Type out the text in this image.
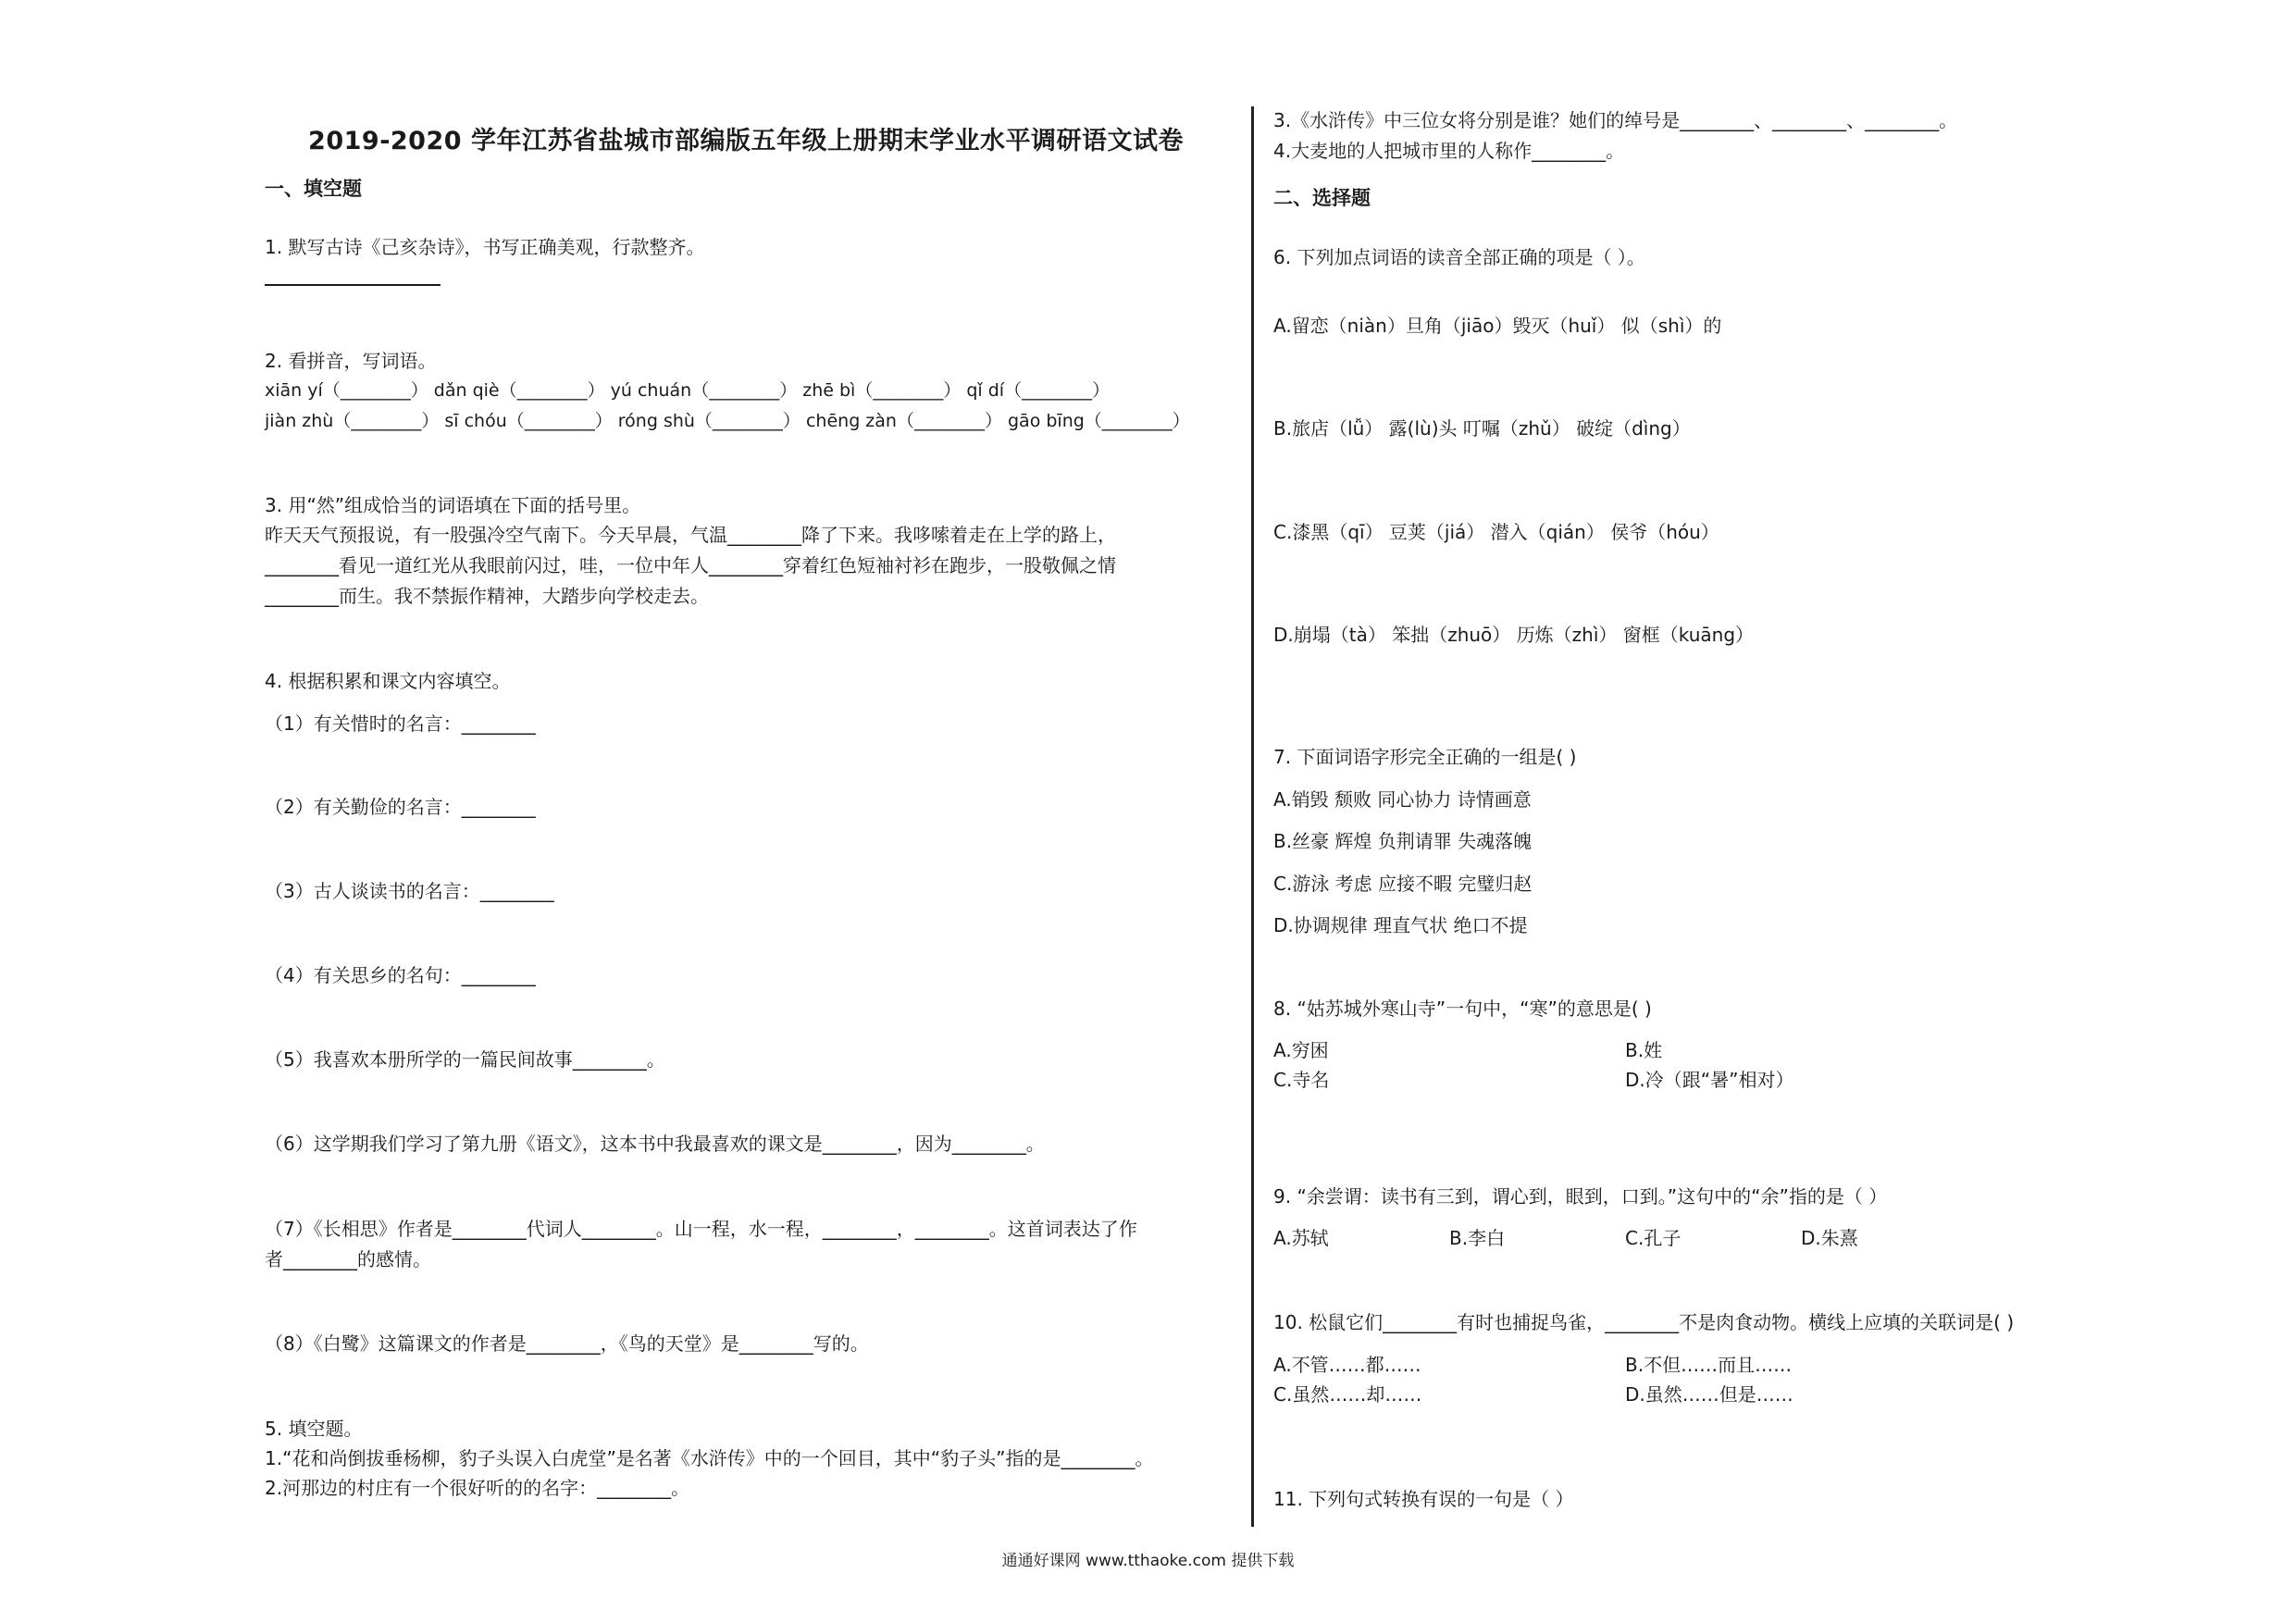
2019-2020 学年江苏省盐城市部编版五年级上册期末学业水平调研语文试卷
一、填空题
1. 默写古诗《己亥杂诗》，书写正确美观，行款整齐。
2. 看拼音，写词语。
xiān yí（________） dǎn qiè（________） yú chuán（________） zhē bì（________） qǐ dí（________）
jiàn zhù（________） sī chóu（________） róng shù（________） chēng zàn（________） gāo bīng（________）
3. 用“然”组成恰当的词语填在下面的括号里。
昨天天气预报说，有一股强冷空气南下。今天早晨，气温________降了下来。我哆嗦着走在上学的路上，
________看见一道红光从我眼前闪过，哇，一位中年人________穿着红色短袖衬衫在跑步，一股敬佩之情
________而生。我不禁振作精神，大踏步向学校走去。
4. 根据积累和课文内容填空。
（1）有关惜时的名言：________
（2）有关勤俭的名言：________
（3）古人谈读书的名言：________
（4）有关思乡的名句：________
（5）我喜欢本册所学的一篇民间故事________。
（6）这学期我们学习了第九册《语文》，这本书中我最喜欢的课文是________，因为________。
（7）《长相思》作者是________代词人________。山一程，水一程，________，________。这首词表达了作
者________的感情。
（8）《白鹭》这篇课文的作者是________，《鸟的天堂》是________写的。
5. 填空题。
1.“花和尚倒拔垂杨柳，豹子头误入白虎堂”是名著《水浒传》中的一个回目，其中“豹子头”指的是________。
2.河那边的村庄有一个很好听的的名字：________。
3.《水浒传》中三位女将分别是谁？她们的绰号是________、________、________。
4.大麦地的人把城市里的人称作________。
二、选择题
6. 下列加点词语的读音全部正确的项是（ ）。
A.留恋（niàn）旦角（jiāo）毁灭（huǐ） 似（shì）的
B.旅店（lǚ） 露(lù)头 叮嘱（zhǔ） 破绽（dìng）
C.漆黑（qī） 豆荚（jiá） 潜入（qián） 侯爷（hóu）
D.崩塌（tà） 笨拙（zhuō） 历炼（zhì） 窗框（kuāng）
7. 下面词语字形完全正确的一组是( )
A.销毁 颓败 同心协力 诗情画意
B.丝豪 辉煌 负荆请罪 失魂落魄
C.游泳 考虑 应接不暇 完璧归赵
D.协调规律 理直气状 绝口不提
8. “姑苏城外寒山寺”一句中，“寒”的意思是( )
A.穷困	B.姓
C.寺名	D.冷（跟“暑”相对）
9. “余尝谓：读书有三到，谓心到，眼到，口到。”这句中的“余”指的是（ ）
A.苏轼	B.李白	C.孔子	D.朱熹
10. 松鼠它们________有时也捕捉鸟雀，________不是肉食动物。横线上应填的关联词是( )
A.不管……都……	B.不但……而且……
C.虽然……却……	D.虽然……但是……
11. 下列句式转换有误的一句是（ ）
通通好课网 www.tthaoke.com 提供下载
